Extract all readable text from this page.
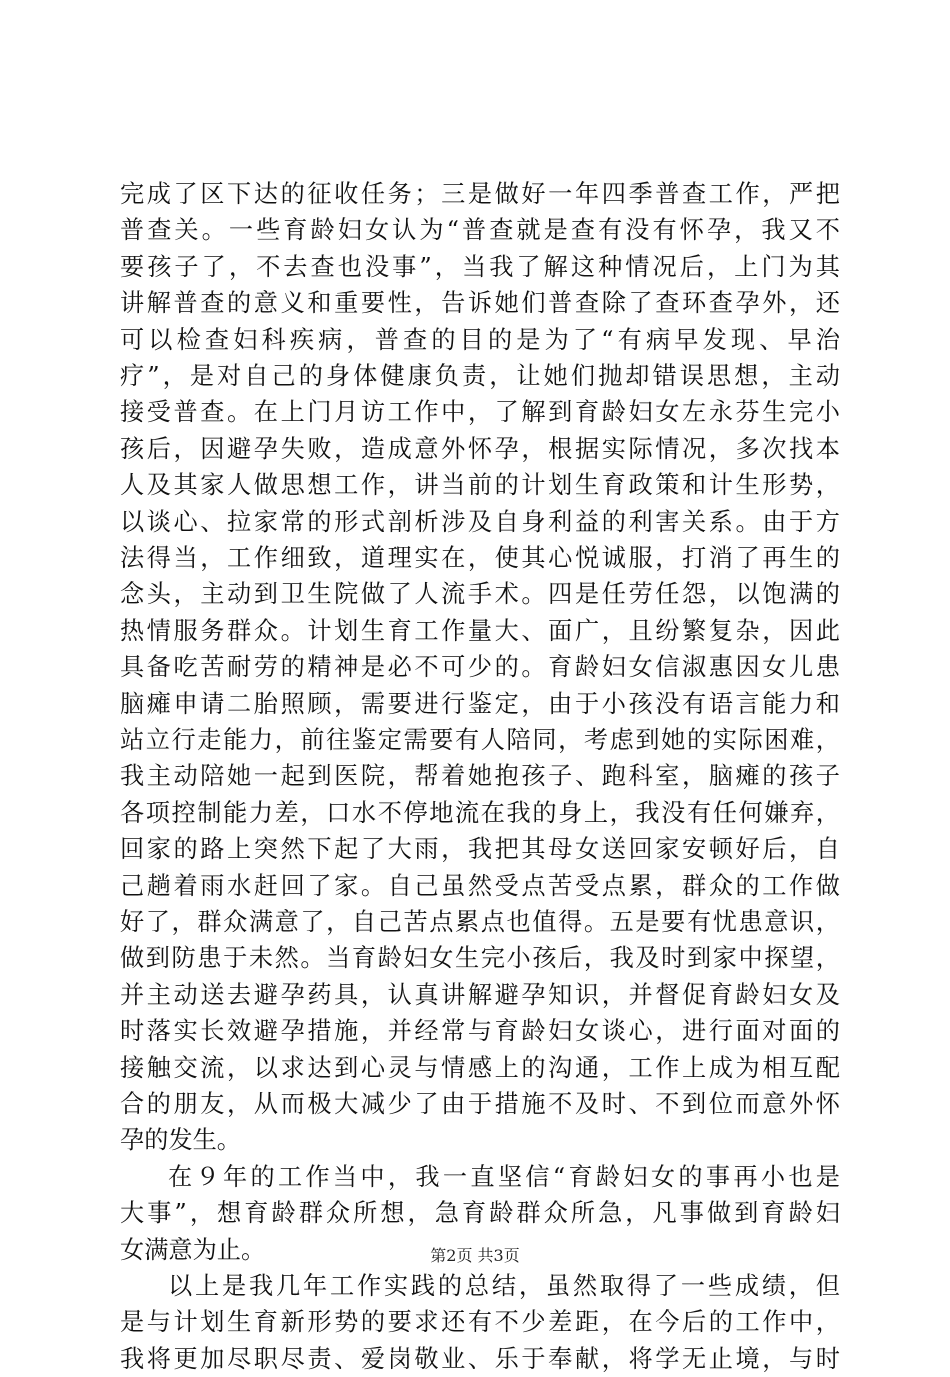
完成了区下达的征收任务；三是做好一年四季普查工作，严把
普查关。一些育龄妇女认为“普查就是查有没有怀孕，我又不
要孩子了，不去查也没事”，当我了解这种情况后，上门为其
讲解普查的意义和重要性，告诉她们普查除了查环查孕外，还
可以检查妇科疾病，普查的目的是为了“有病早发现、早治
疗”，是对自己的身体健康负责，让她们抛却错误思想，主动
接受普查。在上门月访工作中，了解到育龄妇女左永芬生完小
孩后，因避孕失败，造成意外怀孕，根据实际情况，多次找本
人及其家人做思想工作，讲当前的计划生育政策和计生形势，
以谈心、拉家常的形式剖析涉及自身利益的利害关系。由于方
法得当，工作细致，道理实在，使其心悦诚服，打消了再生的
念头，主动到卫生院做了人流手术。四是任劳任怨，以饱满的
热情服务群众。计划生育工作量大、面广，且纷繁复杂，因此
具备吃苦耐劳的精神是必不可少的。育龄妇女信淑惠因女儿患
脑瘫申请二胎照顾，需要进行鉴定，由于小孩没有语言能力和
站立行走能力，前往鉴定需要有人陪同，考虑到她的实际困难，
我主动陪她一起到医院，帮着她抱孩子、跑科室，脑瘫的孩子
各项控制能力差，口水不停地流在我的身上，我没有任何嫌弃，
回家的路上突然下起了大雨，我把其母女送回家安顿好后，自
己趟着雨水赶回了家。自己虽然受点苦受点累，群众的工作做
好了，群众满意了，自己苦点累点也值得。五是要有忧患意识，
做到防患于未然。当育龄妇女生完小孩后，我及时到家中探望，
并主动送去避孕药具，认真讲解避孕知识，并督促育龄妇女及
时落实长效避孕措施，并经常与育龄妇女谈心，进行面对面的
接触交流，以求达到心灵与情感上的沟通，工作上成为相互配
合的朋友，从而极大减少了由于措施不及时、不到位而意外怀
孕的发生。
在９年的工作当中，我一直坚信“育龄妇女的事再小也是
大事”，想育龄群众所想，急育龄群众所急，凡事做到育龄妇
女满意为止。
以上是我几年工作实践的总结，虽然取得了一些成绩，但
是与计划生育新形势的要求还有不少差距，在今后的工作中，
我将更加尽职尽责、爱岗敬业、乐于奉献，将学无止境，与时
第2页 共3页
